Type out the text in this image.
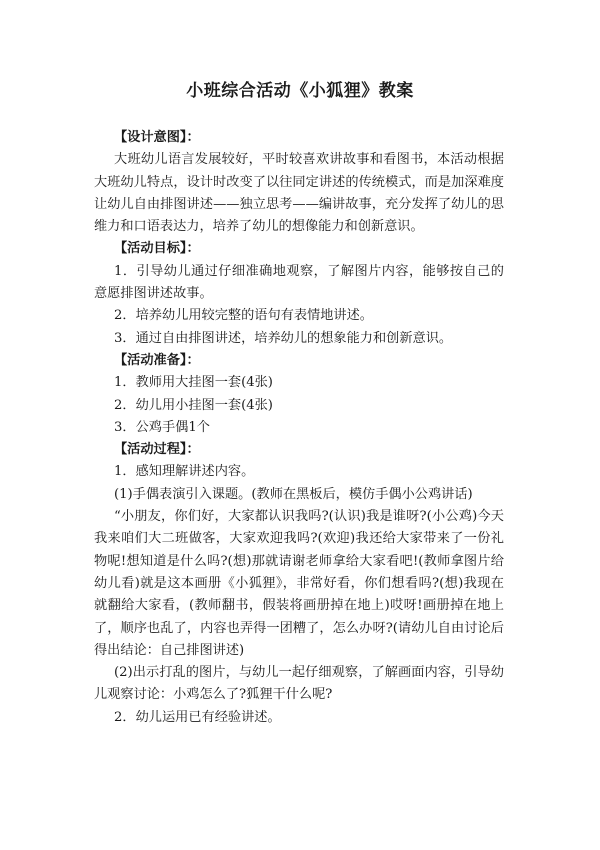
小班综合活动《小狐狸》教案
【设计意图】：

大班幼儿语言发展较好，平时较喜欢讲故事和看图书，本活动根据大班幼儿特点，设计时改变了以往同定讲述的传统模式，而是加深难度让幼儿自由排图讲述——独立思考——编讲故事，充分发挥了幼儿的思维力和口语表达力，培养了幼儿的想像能力和创新意识。

【活动目标】：

1．引导幼儿通过仔细准确地观察，了解图片内容，能够按自己的意愿排图讲述故事。

2．培养幼儿用较完整的语句有表情地讲述。
3．通过自由排图讲述，培养幼儿的想象能力和创新意识。
【活动准备】：
1．教师用大挂图一套(4张)
2．幼儿用小挂图一套(4张)
3．公鸡手偶1个
【活动过程】：
1．感知理解讲述内容。
(1)手偶表演引入课题。(教师在黑板后，模仿手偶小公鸡讲话)

“小朋友，你们好，大家都认识我吗?(认识)我是谁呀?(小公鸡)今天我来咱们大二班做客，大家欢迎我吗?(欢迎)我还给大家带来了一份礼物呢!想知道是什么吗?(想)那就请谢老师拿给大家看吧!(教师拿图片给幼儿看)就是这本画册《小狐狸》，非常好看，你们想看吗?(想)我现在就翻给大家看，(教师翻书，假装将画册掉在地上)哎呀!画册掉在地上了，顺序也乱了，内容也弄得一团糟了，怎么办呀?(请幼儿自由讨论后得出结论：自己排图讲述)

(2)出示打乱的图片，与幼儿一起仔细观察，了解画面内容，引导幼儿观察讨论：小鸡怎么了?狐狸干什么呢?

2．幼儿运用已有经验讲述。
